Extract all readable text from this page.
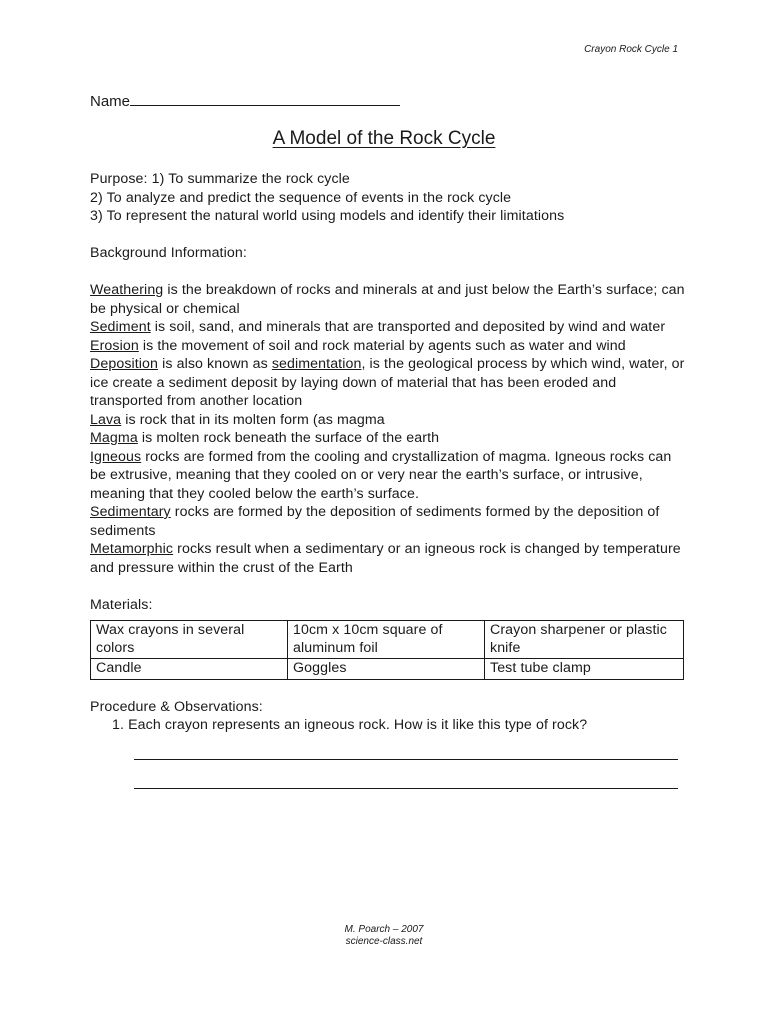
Crayon Rock Cycle 1
Name
A Model of the Rock Cycle
Purpose: 1) To summarize the rock cycle
2) To analyze and predict the sequence of events in the rock cycle
3) To represent the natural world using models and identify their limitations
Background Information:
Weathering is the breakdown of rocks and minerals at and just below the Earth’s surface; can be physical or chemical
Sediment is soil, sand, and minerals that are transported and deposited by wind and water
Erosion is the movement of soil and rock material by agents such as water and wind
Deposition is also known as sedimentation, is the geological process by which wind, water, or ice create a sediment deposit by laying down of material that has been eroded and transported from another location
Lava is rock that in its molten form (as magma
Magma is molten rock beneath the surface of the earth
Igneous rocks are formed from the cooling and crystallization of magma. Igneous rocks can be extrusive, meaning that they cooled on or very near the earth’s surface, or intrusive, meaning that they cooled below the earth’s surface.
Sedimentary rocks are formed by the deposition of sediments formed by the deposition of sediments
Metamorphic rocks result when a sedimentary or an igneous rock is changed by temperature and pressure within the crust of the Earth
Materials:
Wax crayons in several colors	10cm x 10cm square of aluminum foil	Crayon sharpener or plastic knife
Candle	Goggles	Test tube clamp
Procedure & Observations:
1. Each crayon represents an igneous rock. How is it like this type of rock?
M. Poarch – 2007
science-class.net
